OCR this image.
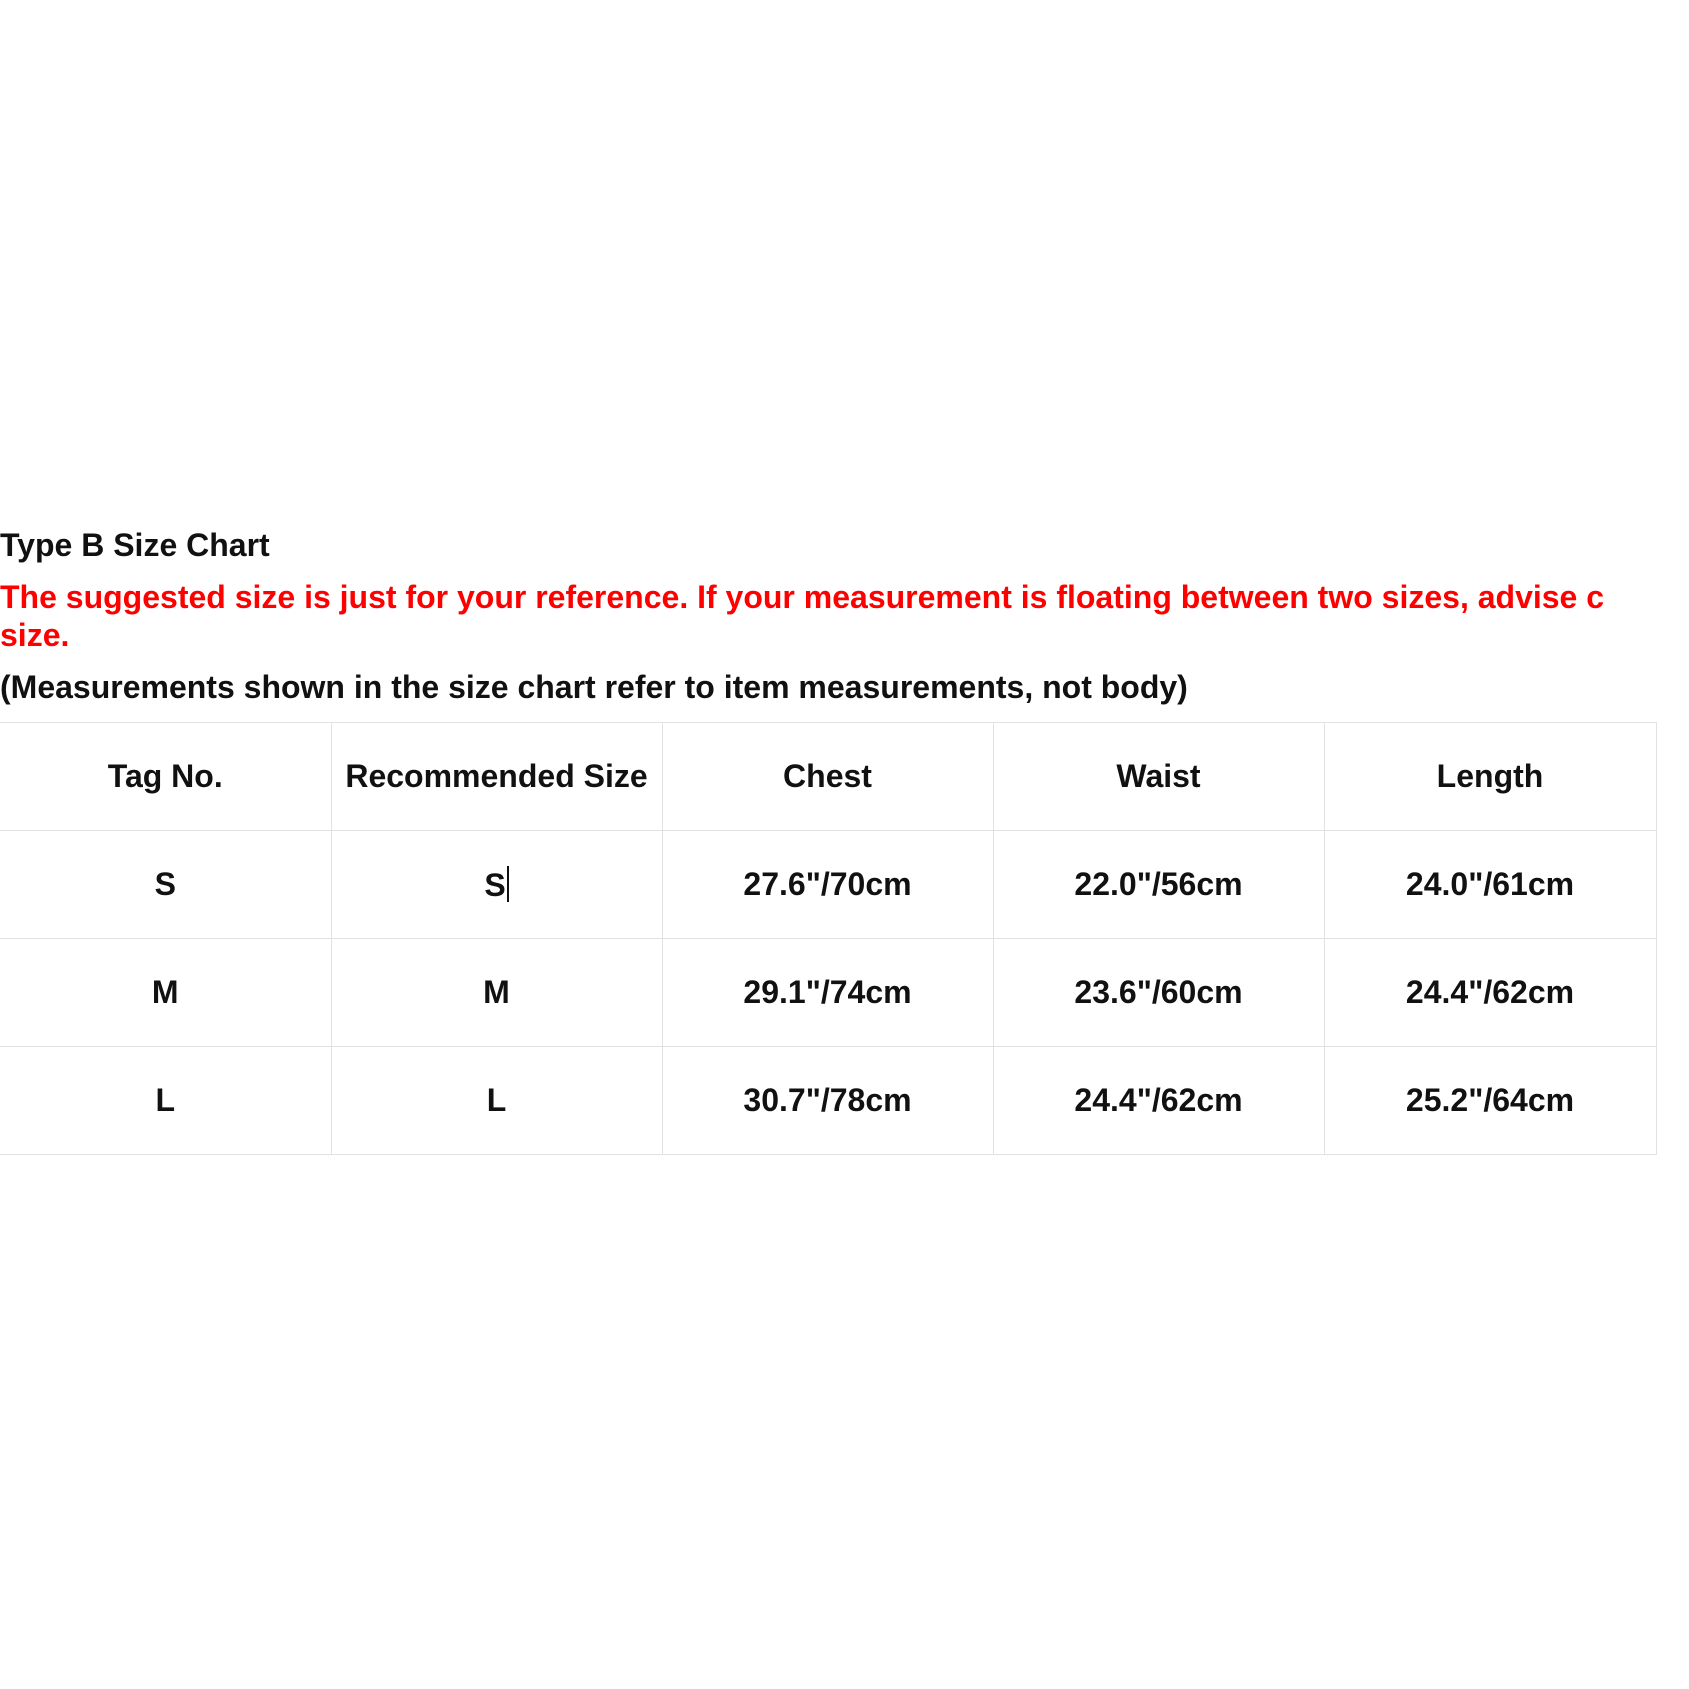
Type B Size Chart
The suggested size is just for your reference. If your measurement is floating between two sizes, advise c
size.
(Measurements shown in the size chart refer to item measurements, not body)
Tag No.	Recommended Size	Chest	Waist	Length
S	S	27.6"/70cm	22.0"/56cm	24.0"/61cm
M	M	29.1"/74cm	23.6"/60cm	24.4"/62cm
L	L	30.7"/78cm	24.4"/62cm	25.2"/64cm
